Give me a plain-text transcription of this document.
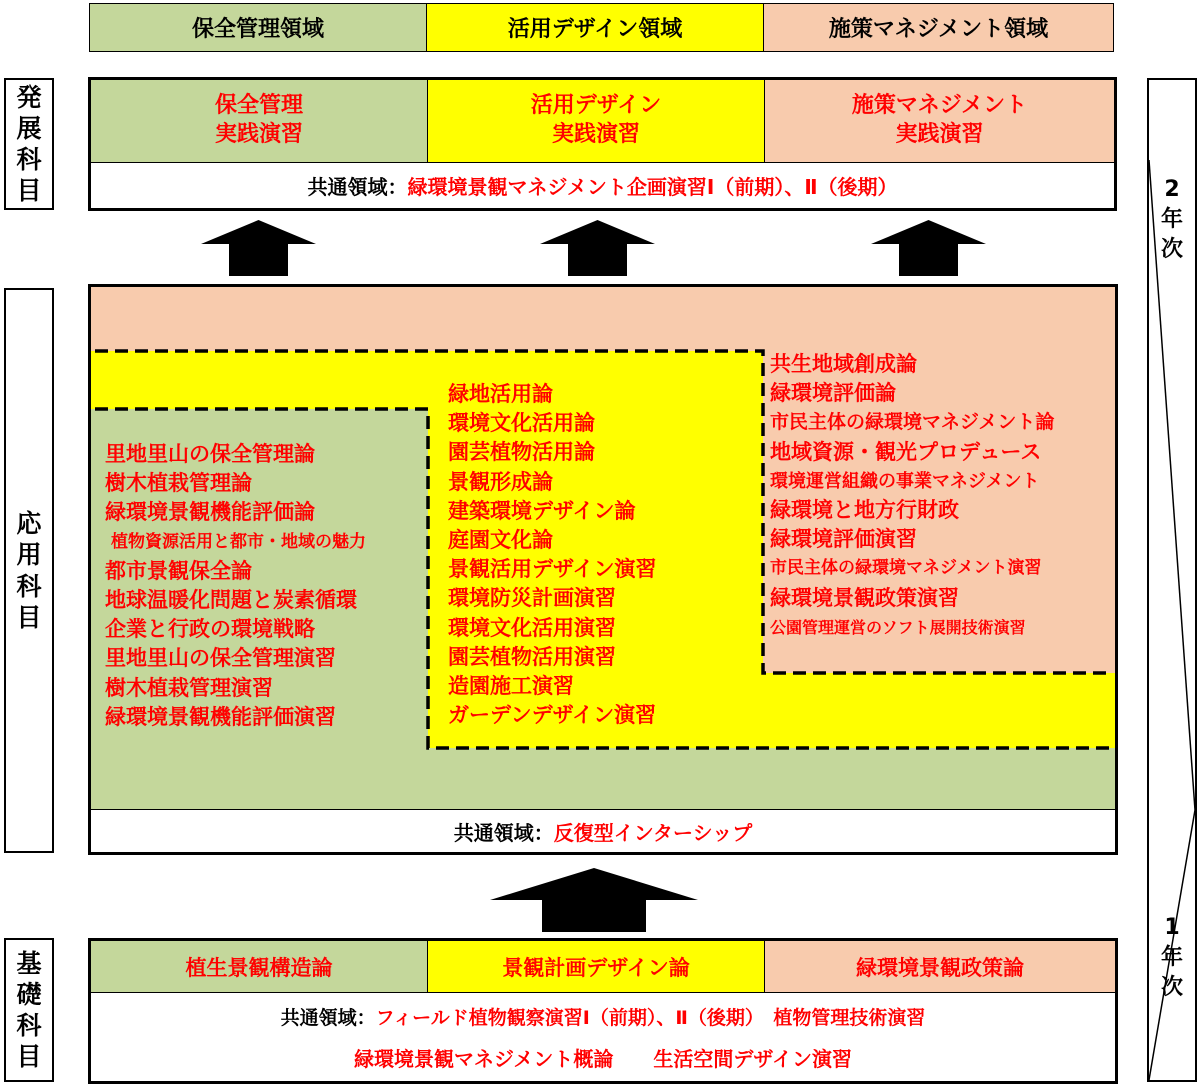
保全管理領域	活用デザイン領域	施策マネジメント領域
発
展
科
目
応
用
科
目
基
礎
科
目
2
年
次
1
年
次
保全管理
実践演習
活用デザイン
実践演習
施策マネジメント
実践演習
共通領域： 緑環境景観マネジメント企画演習Ⅰ（前期）、Ⅱ（後期）
里地里山の保全管理論
樹木植栽管理論
緑環境景観機能評価論
植物資源活用と都市・地域の魅力
都市景観保全論
地球温暖化問題と炭素循環
企業と行政の環境戦略
里地里山の保全管理演習
樹木植栽管理演習
緑環境景観機能評価演習
緑地活用論
環境文化活用論
園芸植物活用論
景観形成論
建築環境デザイン論
庭園文化論
景観活用デザイン演習
環境防災計画演習
環境文化活用演習
園芸植物活用演習
造園施工演習
ガーデンデザイン演習
共生地域創成論
緑環境評価論
市民主体の緑環境マネジメント論
地域資源・観光プロデュース
環境運営組織の事業マネジメント
緑環境と地方行財政
緑環境評価演習
市民主体の緑環境マネジメント演習
緑環境景観政策演習
公園管理運営のソフト展開技術演習
共通領域： 反復型インターシップ
植生景観構造論	景観計画デザイン論	緑環境景観政策論
共通領域： フィールド植物観察演習Ⅰ（前期）、Ⅱ（後期）　植物管理技術演習
緑環境景観マネジメント概論　　生活空間デザイン演習
